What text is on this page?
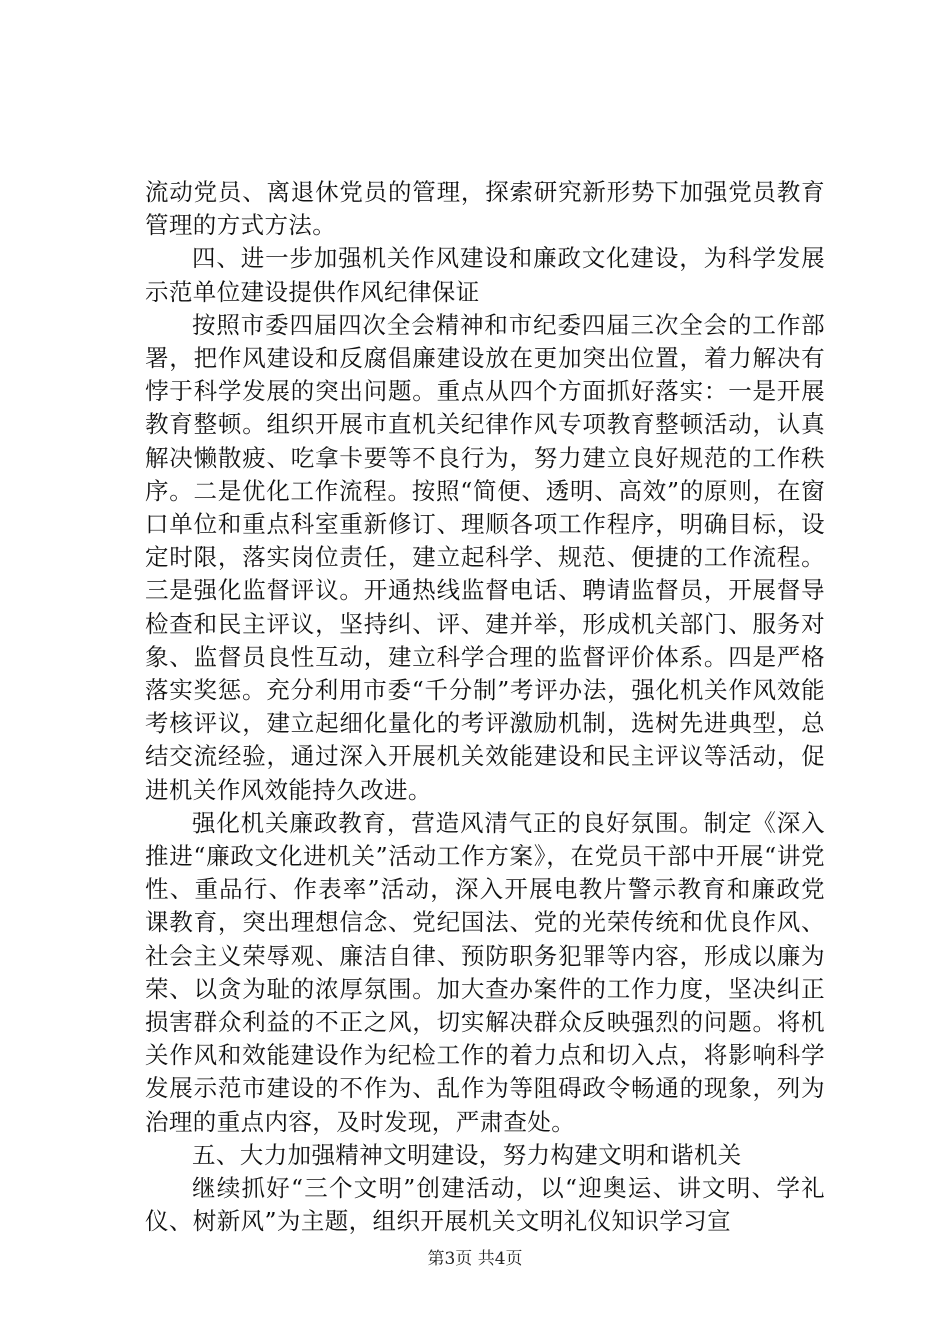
流动党员、离退休党员的管理，探索研究新形势下加强党员教育管理的方式方法。

四、进一步加强机关作风建设和廉政文化建设，为科学发展示范单位建设提供作风纪律保证

按照市委四届四次全会精神和市纪委四届三次全会的工作部署，把作风建设和反腐倡廉建设放在更加突出位置，着力解决有悖于科学发展的突出问题。重点从四个方面抓好落实：一是开展教育整顿。组织开展市直机关纪律作风专项教育整顿活动，认真解决懒散疲、吃拿卡要等不良行为，努力建立良好规范的工作秩序。二是优化工作流程。按照“简便、透明、高效”的原则，在窗口单位和重点科室重新修订、理顺各项工作程序，明确目标，设定时限，落实岗位责任，建立起科学、规范、便捷的工作流程。三是强化监督评议。开通热线监督电话、聘请监督员，开展督导检查和民主评议，坚持纠、评、建并举，形成机关部门、服务对象、监督员良性互动，建立科学合理的监督评价体系。四是严格落实奖惩。充分利用市委“千分制”考评办法，强化机关作风效能考核评议，建立起细化量化的考评激励机制，选树先进典型，总结交流经验，通过深入开展机关效能建设和民主评议等活动，促进机关作风效能持久改进。

强化机关廉政教育，营造风清气正的良好氛围。制定《深入推进“廉政文化进机关”活动工作方案》，在党员干部中开展“讲党性、重品行、作表率”活动，深入开展电教片警示教育和廉政党课教育，突出理想信念、党纪国法、党的光荣传统和优良作风、社会主义荣辱观、廉洁自律、预防职务犯罪等内容，形成以廉为荣、以贪为耻的浓厚氛围。加大查办案件的工作力度，坚决纠正损害群众利益的不正之风，切实解决群众反映强烈的问题。将机关作风和效能建设作为纪检工作的着力点和切入点，将影响科学发展示范市建设的不作为、乱作为等阻碍政令畅通的现象，列为治理的重点内容，及时发现，严肃查处。

五、大力加强精神文明建设，努力构建文明和谐机关

继续抓好“三个文明”创建活动，以“迎奥运、讲文明、学礼仪、树新风”为主题，组织开展机关文明礼仪知识学习宣

第3页 共4页
